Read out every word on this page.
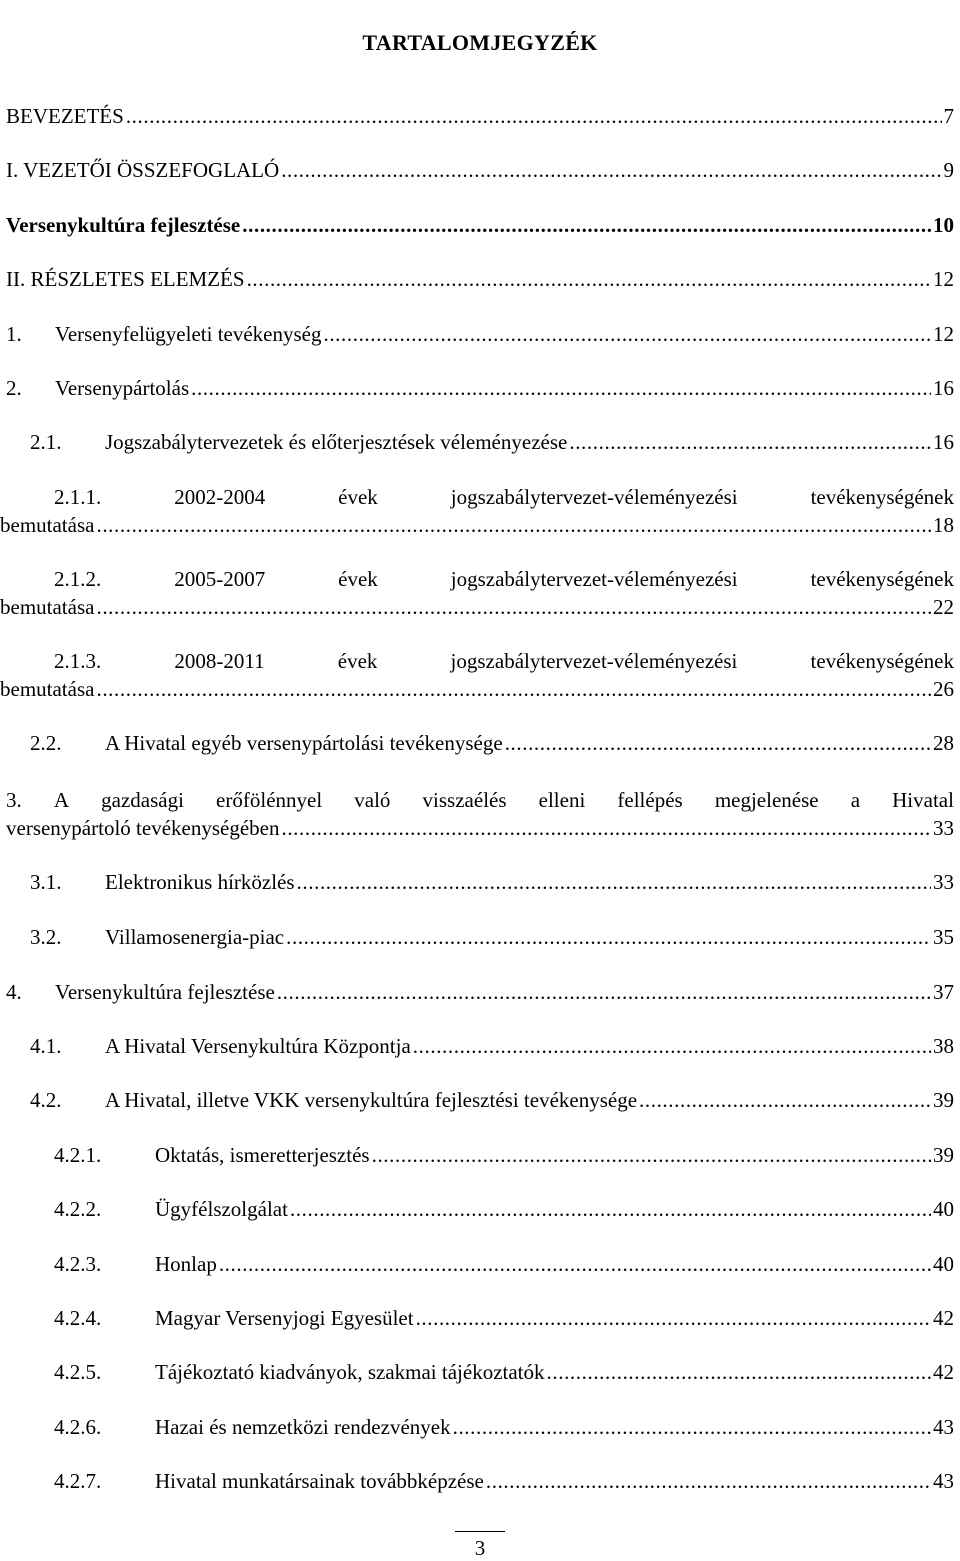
TARTALOMJEGYZÉK
BEVEZETÉS .....	7
I. VEZETŐI ÖSSZEFOGLALÓ .....	9
Versenykultúra fejlesztése .....	10
II. RÉSZLETES ELEMZÉS .....	12
1.	Versenyfelügyeleti tevékenység .....	12
2.	Versenypártolás .....	16
2.1.	Jogszabálytervezetek és előterjesztések véleményezése .....	16
2.1.1.	2002-2004	évek	jogszabálytervezet-véleményezési	tevékenységének
bemutatása .....	18
2.1.2.	2005-2007	évek	jogszabálytervezet-véleményezési	tevékenységének
bemutatása .....	22
2.1.3.	2008-2011	évek	jogszabálytervezet-véleményezési	tevékenységének
bemutatása .....	26
2.2.	A Hivatal egyéb versenypártolási tevékenysége .....	28
3. A gazdasági erőfölénnyel való visszaélés elleni fellépés megjelenése a Hivatal
versenypártoló tevékenységében .....	33
3.1.	Elektronikus hírközlés .....	33
3.2.	Villamosenergia-piac .....	35
4.	Versenykultúra fejlesztése .....	37
4.1.	A Hivatal Versenykultúra Központja .....	38
4.2.	A Hivatal, illetve VKK versenykultúra fejlesztési tevékenysége .....	39
4.2.1.	Oktatás, ismeretterjesztés .....	39
4.2.2.	Ügyfélszolgálat .....	40
4.2.3.	Honlap .....	40
4.2.4.	Magyar Versenyjogi Egyesület .....	42
4.2.5.	Tájékoztató kiadványok, szakmai tájékoztatók .....	42
4.2.6.	Hazai és nemzetközi rendezvények .....	43
4.2.7.	Hivatal munkatársainak továbbképzése .....	43
3
